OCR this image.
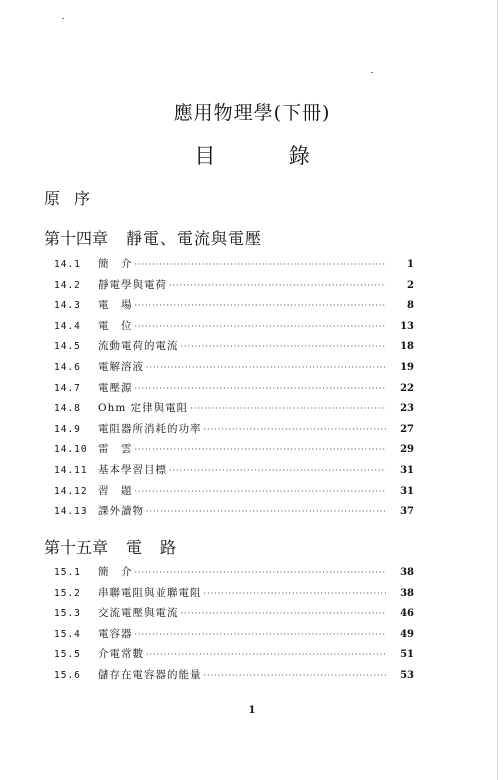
應用物理學(下冊)
目	錄
原序
第十四章 靜電、電流與電壓
14.1	簡　介 ·····	1
14.2	靜電學與電荷 ·····	2
14.3	電　場 ·····	8
14.4	電　位 ·····	13
14.5	流動電荷的電流 ·····	18
14.6	電解溶液 ·····	19
14.7	電壓源 ·····	22
14.8	Ohm 定律與電阻 ·····	23
14.9	電阻器所消耗的功率 ·····	27
14.10 雷　雲 ·····	29
14.11 基本學習目標 ·····	31
14.12 習　題 ·····	31
14.13 課外讀物 ·····	37
第十五章 電　路
15.1	簡　介 ·····	38
15.2	串聯電阻與並聯電阻 ·····	38
15.3	交流電壓與電流 ·····	46
15.4	電容器 ·····	49
15.5	介電常數 ·····	51
15.6	儲存在電容器的能量 ·····	53
1
